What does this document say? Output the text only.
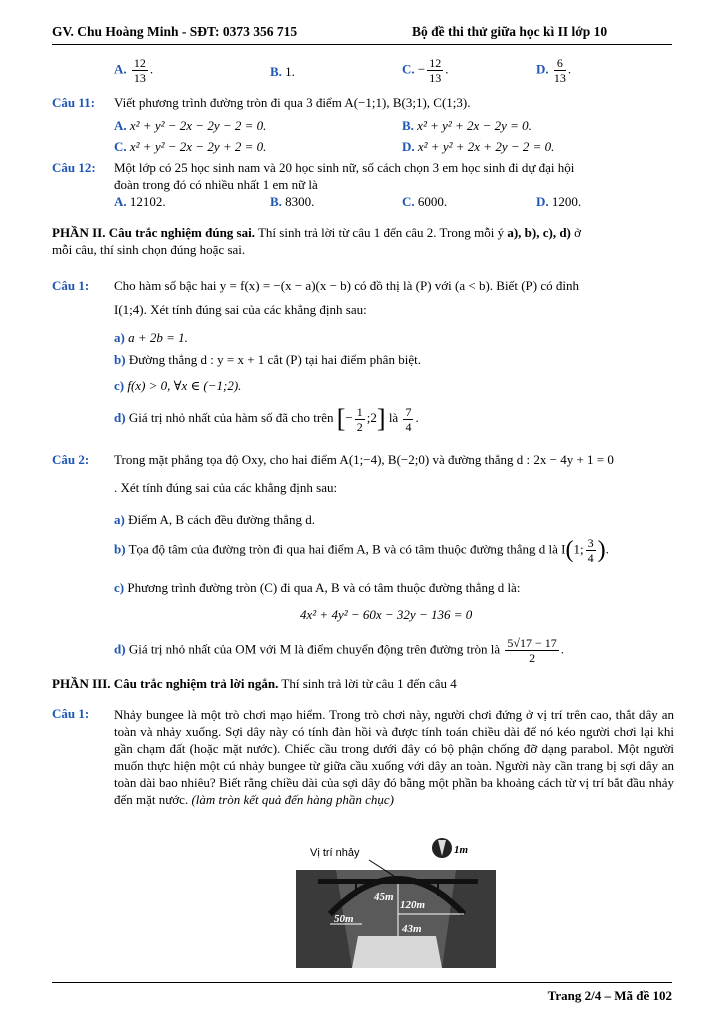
GV. Chu Hoàng Minh - SĐT: 0373 356 715	Bộ đề thi thử giữa học kì II lớp 10
A. $\frac{12}{13}$ .	B. 1.	C. − $\frac{12}{13}$ .	D. $\frac{6}{13}$ .
Câu 11: Viết phương trình đường tròn đi qua 3 điểm A(−1;1), B(3;1), C(1;3).
A. x² + y² − 2x − 2y − 2 = 0.	B. x² + y² + 2x − 2y = 0.
C. x² + y² − 2x − 2y + 2 = 0.	D. x² + y² + 2x + 2y − 2 = 0.
Câu 12: Một lớp có 25 học sinh nam và 20 học sinh nữ, số cách chọn 3 em học sinh đi dự đại hội
đoàn trong đó có nhiều nhất 1 em nữ là
A. 12102.	B. 8300.	C. 6000.	D. 1200.
PHẦN II. Câu trắc nghiệm đúng sai. Thí sinh trả lời từ câu 1 đến câu 2. Trong mỗi ý a), b), c), d) ở
mỗi câu, thí sinh chọn đúng hoặc sai.
Câu 1: Cho hàm số bậc hai y = f(x) = −(x − a)(x − b) có đồ thị là (P) với (a < b). Biết (P) có đỉnh
I(1;4). Xét tính đúng sai của các khẳng định sau:
a) a + 2b = 1.
b) Đường thẳng d : y = x + 1 cắt (P) tại hai điểm phân biệt.
c) f(x) > 0, ∀x ∈ (−1;2).
d) Giá trị nhỏ nhất của hàm số đã cho trên [− $\frac{1}{2}$ ;2] là $\frac{7}{4}$ .
Câu 2: Trong mặt phẳng tọa độ Oxy, cho hai điểm A(1;−4), B(−2;0) và đường thẳng d : 2x − 4y + 1 = 0
. Xét tính đúng sai của các khẳng định sau:
a) Điểm A, B cách đều đường thẳng d.
b) Tọa độ tâm của đường tròn đi qua hai điểm A, B và có tâm thuộc đường thẳng d là I(1; $\frac{3}{4}$ ).
c) Phương trình đường tròn (C) đi qua A, B và có tâm thuộc đường thẳng d là:
4x² + 4y² − 60x − 32y − 136 = 0
d) Giá trị nhỏ nhất của OM với M là điểm chuyển động trên đường tròn là $\frac{5√17 - 17}{2}$ .
PHẦN III. Câu trắc nghiệm trả lời ngắn. Thí sinh trả lời từ câu 1 đến câu 4
Câu 1: Nhảy bungee là một trò chơi mạo hiểm. Trong trò chơi này, người chơi đứng ở vị trí trên cao, thắt dây an toàn và nhảy xuống. Sợi dây này có tính đàn hồi và được tính toán chiều dài để nó kéo người chơi lại khi gần chạm đất (hoặc mặt nước). Chiếc cầu trong dưới đây có bộ phận chống đỡ dạng parabol. Một người muốn thực hiện một cú nhảy bungee từ giữa cầu xuống với dây an toàn. Người này cần trang bị sợi dây an toàn dài bao nhiêu? Biết rằng chiều dài của sợi dây đó bằng một phần ba khoảng cách từ vị trí bắt đầu nhảy đến mặt nước. (làm tròn kết quả đến hàng phần chục)
Vị trí nhảy	1m
45m
120m
50m
43m
Trang 2/4 – Mã đề 102
